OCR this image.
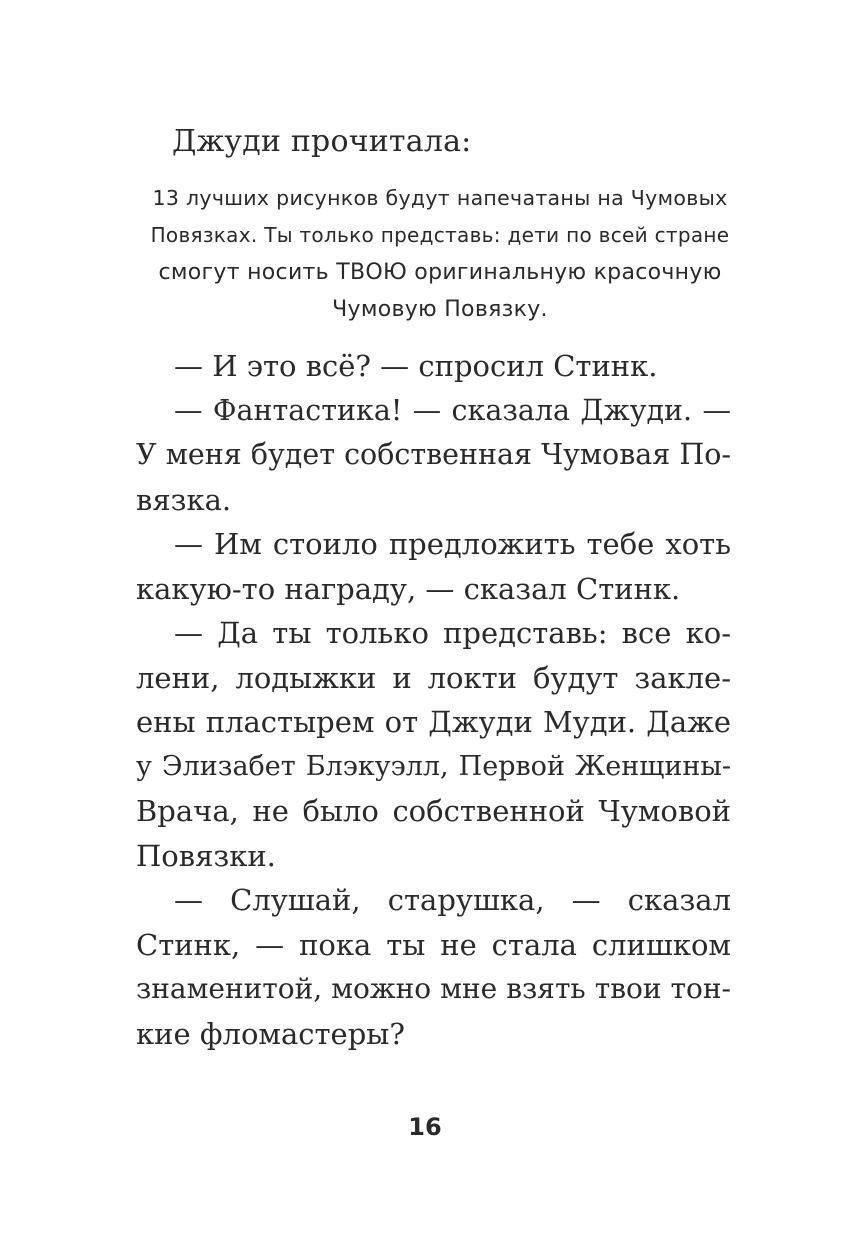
Джуди прочитала:
13 лучших рисунков будут напечатаны на Чумовых
Повязках. Ты только представь: дети по всей стране
смогут носить ТВОЮ оригинальную красочную
Чумовую Повязку.
— И это всё? — спросил Стинк.
— Фантастика! — сказала Джуди. —
У меня будет собственная Чумовая По-
вязка.
— Им стоило предложить тебе хоть
какую-то награду, — сказал Стинк.
— Да ты только представь: все ко-
лени, лодыжки и локти будут закле-
ены пластырем от Джуди Муди. Даже
у Элизабет Блэкуэлл, Первой Женщины-
Врача, не было собственной Чумовой
Повязки.
— Слушай, старушка, — сказал
Стинк, — пока ты не стала слишком
знаменитой, можно мне взять твои тон-
кие фломастеры?
16
